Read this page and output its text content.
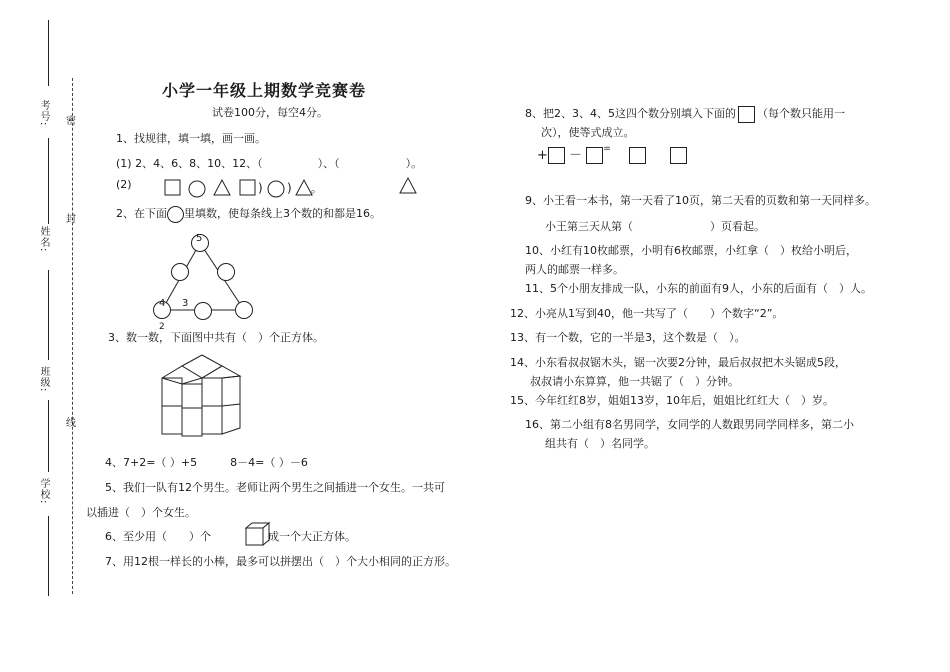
考号:
姓名:
班级:
学校:
密
封
线
小学一年级上期数学竞赛卷
试卷100分，每空4分。
1、找规律，填一填，画一画。
(1) 2、4、6、8、10、12、（　　　　　）、（　　　　　　）。
(2)	) ) 。
2、在下面 里填数，使每条线上3个数的和都是16。
5
4 3
2
3、数一数，下面图中共有（　）个正方体。
4、7+2=（ ）+5　　　8－4=（ ）－6
5、我们一队有12个男生。老师让两个男生之间插进一个女生。一共可
以插进（　）个女生。
6、至少用（　　）个	成一个大正方体。
7、用12根一样长的小棒，最多可以拼摆出（　）个大小相同的正方形。
8、把2、3、4、5这四个数分别填入下面的 （每个数只能用一
次），使等式成立。
+ － =
9、小王看一本书，第一天看了10页，第二天看的页数和第一天同样多。
小王第三天从第（　　　　　　　）页看起。
10、小红有10枚邮票，小明有6枚邮票，小红拿（　）枚给小明后，
两人的邮票一样多。
11、5个小朋友排成一队，小东的前面有9人，小东的后面有（　）人。
12、小亮从1写到40，他一共写了（　　）个数字“2”。
13、有一个数，它的一半是3，这个数是（　）。
14、小东看叔叔锯木头，锯一次要2分钟，最后叔叔把木头锯成5段，
叔叔请小东算算，他一共锯了（　）分钟。
15、今年红红8岁，姐姐13岁，10年后，姐姐比红红大（　）岁。
16、第二小组有8名男同学，女同学的人数跟男同学同样多，第二小
组共有（　）名同学。
